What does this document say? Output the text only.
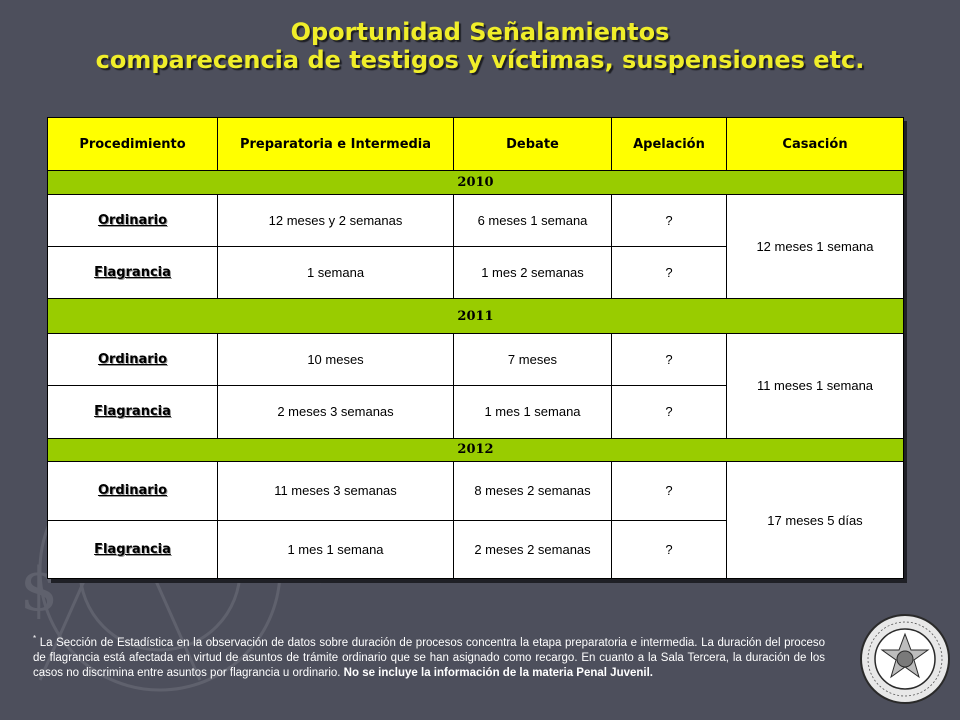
$
Oportunidad Señalamientos
comparecencia de testigos y víctimas, suspensiones etc.
Procedimiento	Preparatoria e Intermedia	Debate	Apelación	Casación
2010				
Ordinario	12 meses y 2 semanas	6 meses 1 semana	?	12 meses 1 semana
Flagrancia	1 semana	1 mes 2 semanas	?	
2011				
Ordinario	10 meses	7 meses	?	11 meses 1 semana
Flagrancia	2 meses 3 semanas	1 mes 1 semana	?	
2012				
Ordinario	11 meses 3 semanas	8 meses 2 semanas	?	17 meses 5 días
Flagrancia	1 mes 1 semana	2 meses 2 semanas	?	
* La Sección de Estadística en la observación de datos sobre duración de procesos concentra la etapa preparatoria e intermedia. La duración del proceso de flagrancia está afectada en virtud de asuntos de trámite ordinario que se han asignado como recargo. En cuanto a la Sala Tercera, la duración de los casos no discrimina entre asuntos por flagrancia u ordinario. No se incluye la información de la materia Penal Juvenil.
